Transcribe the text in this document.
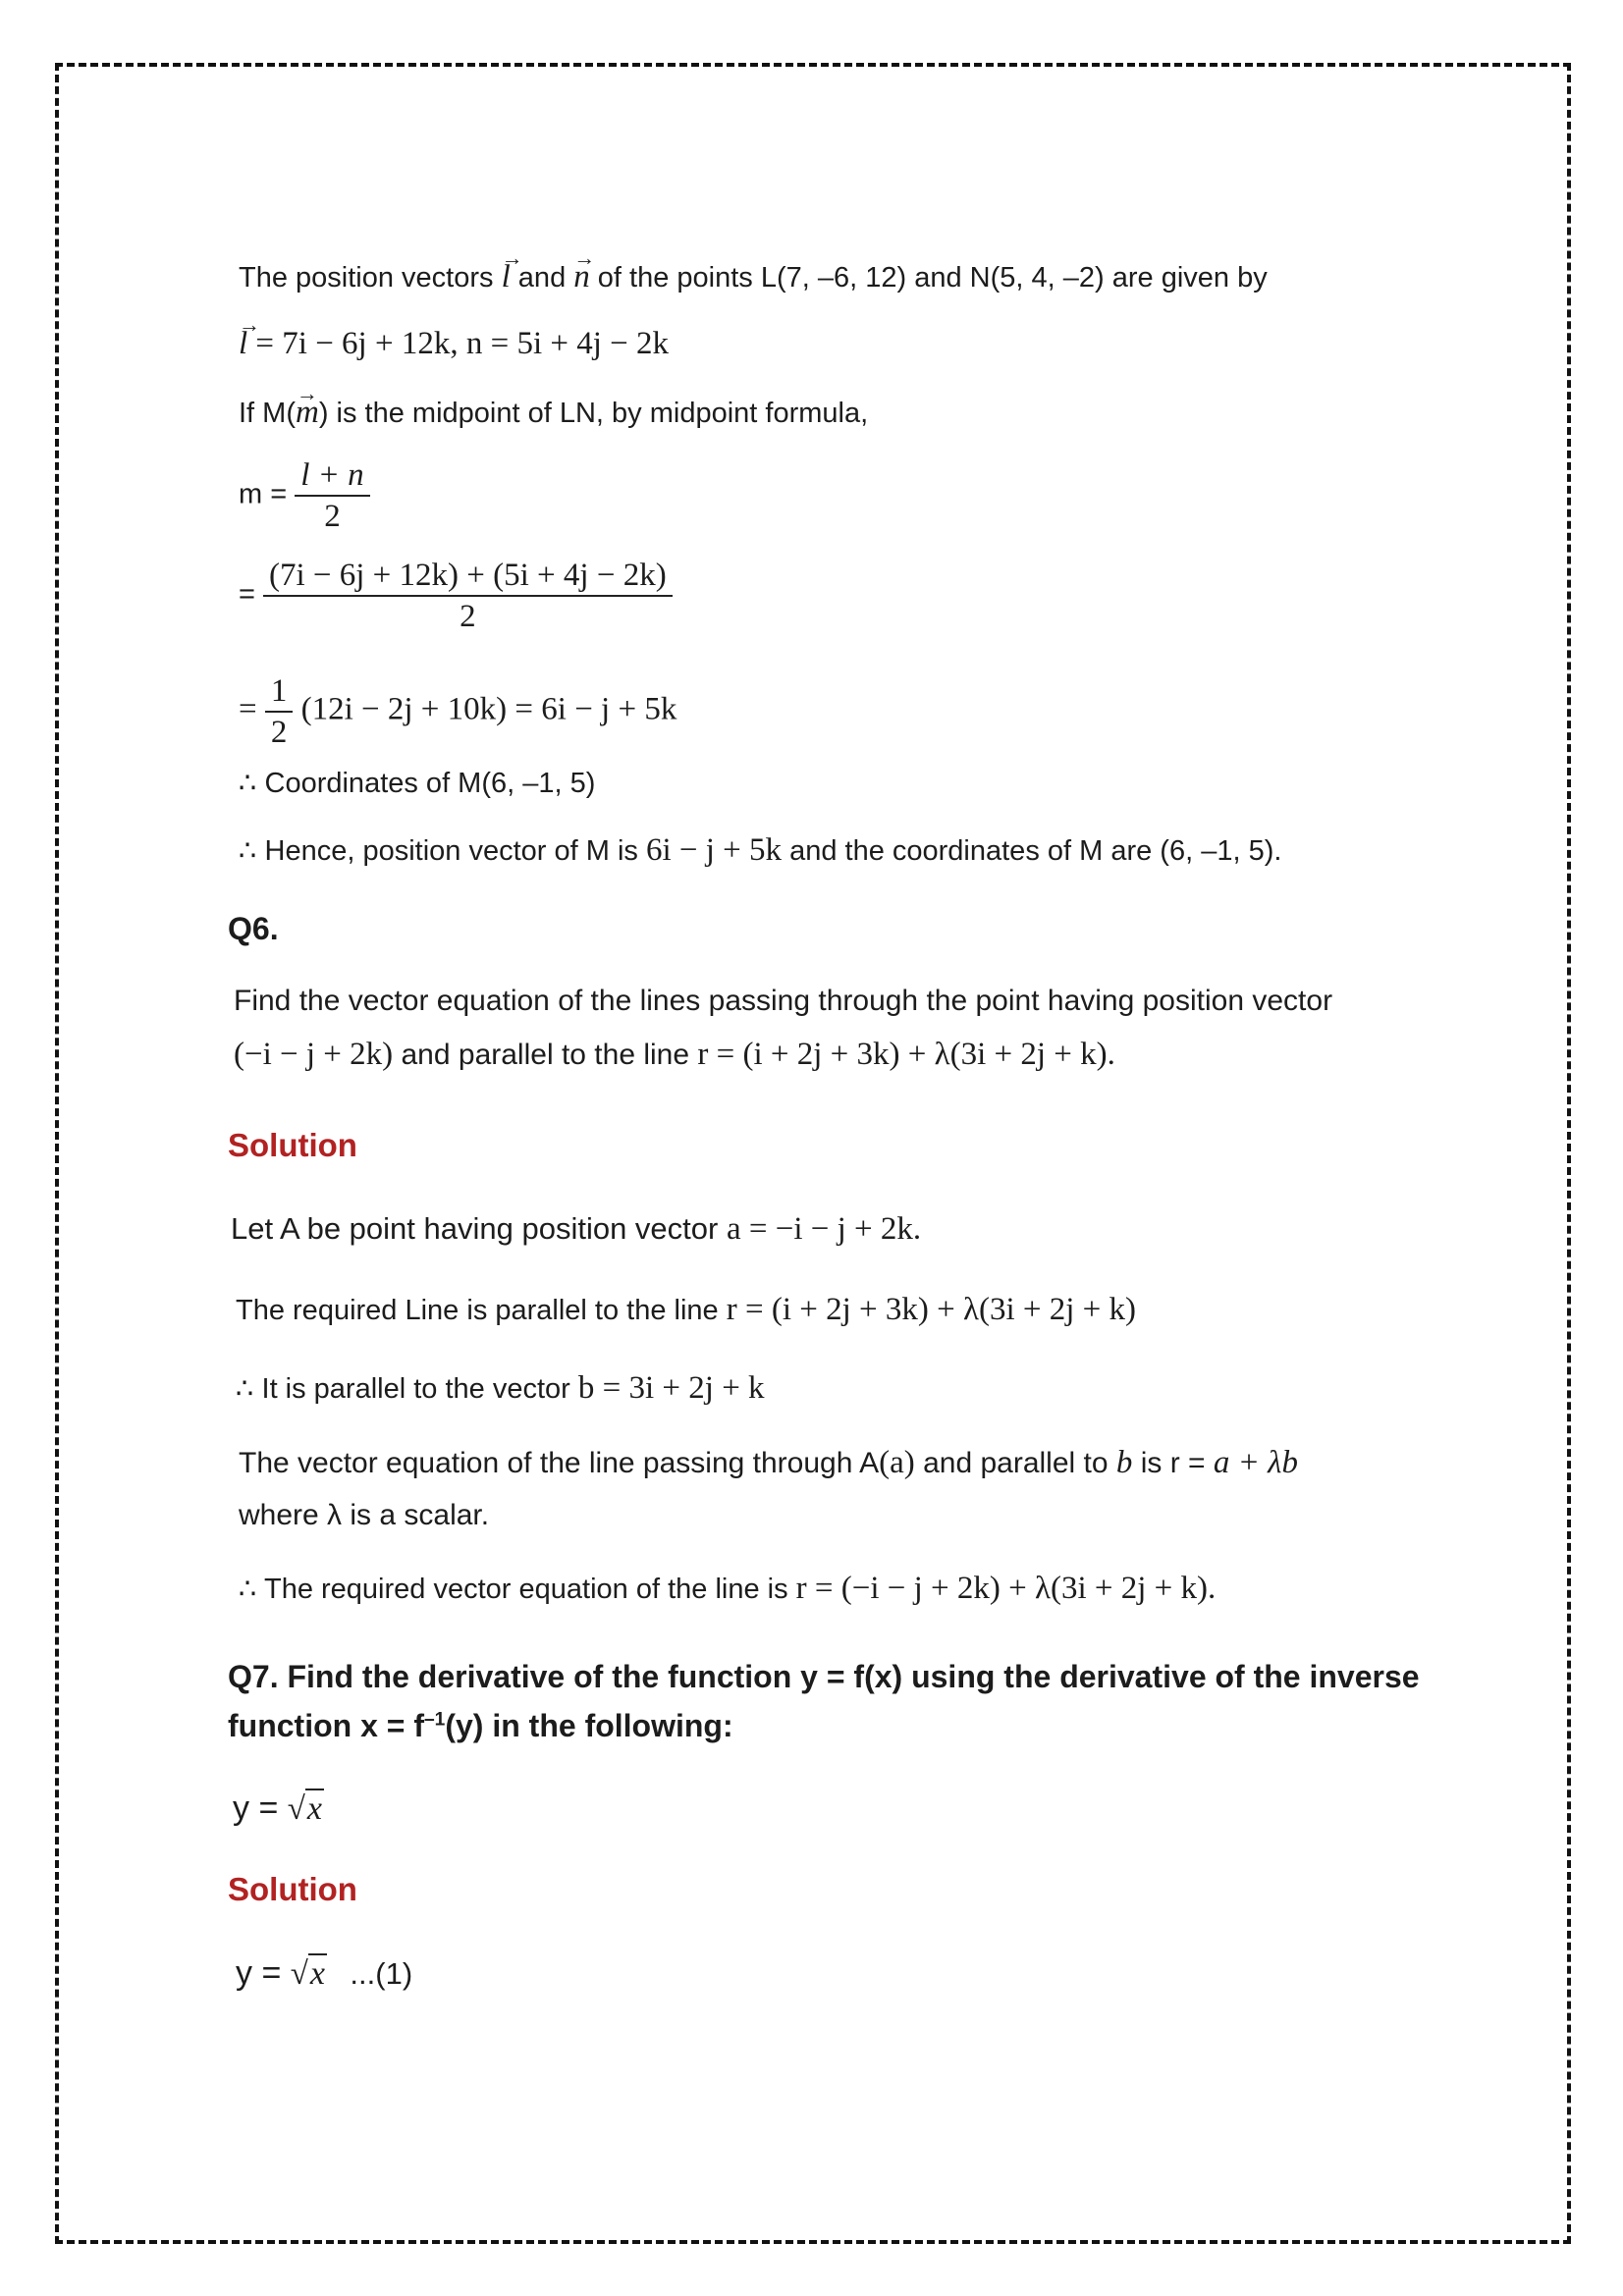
The position vectors → l and → n of the points L(7, –6, 12) and N(5, 4, –2) are given by
→ l = 7i − 6j + 12k, n = 5i + 4j − 2k
If M(→ m) is the midpoint of LN, by midpoint formula,
$m = \frac{l + n}{2}$
= $\frac{(7i - 6j + 12k) + (5i + 4j - 2k)}{2}$
= $\frac{1}{2} (12i - 2j + 10k) = 6i - j + 5k$
∴ Coordinates of M(6, –1, 5)
∴ Hence, position vector of M is 6i − j + 5k and the coordinates of M are (6, –1, 5).
Q6.
Find the vector equation of the lines passing through the point having position vector
(−i − j + 2k) and parallel to the line r = (i + 2j + 3k) + λ(3i + 2j + k).
Solution
Let A be point having position vector a = −i − j + 2k.
The required Line is parallel to the line r = (i + 2j + 3k) + λ(3i + 2j + k)
∴ It is parallel to the vector b = 3i + 2j + k
The vector equation of the line passing through A(a) and parallel to b is r = a + λb
where λ is a scalar.
∴ The required vector equation of the line is r = (−i − j + 2k) + λ(3i + 2j + k).
Q7. Find the derivative of the function y = f(x) using the derivative of the inverse
function $x = f^{-1}(y)$ in the following:
y = √x
Solution
y = √x ...(1)
